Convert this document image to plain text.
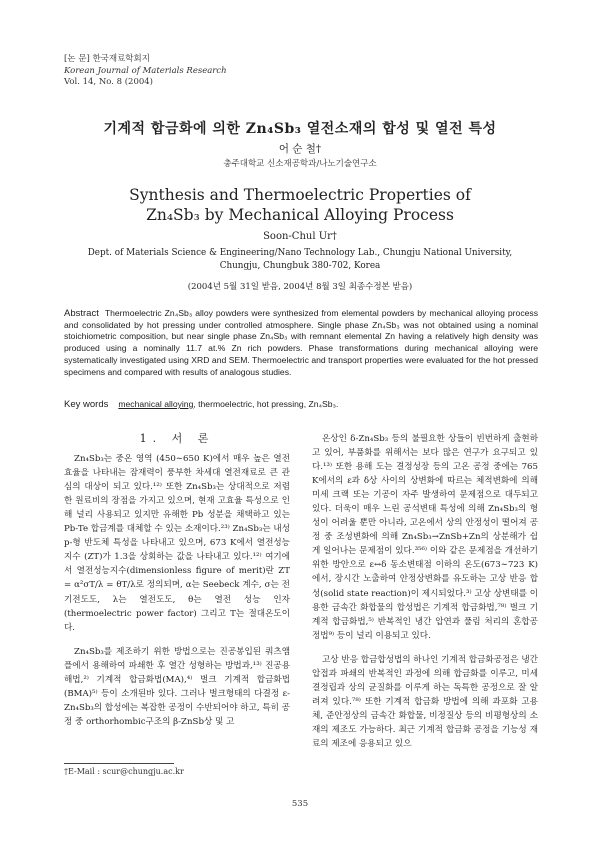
[논 문] 한국재료학회지
Korean Journal of Materials Research
Vol. 14, No. 8 (2004)
기계적 합금화에 의한 Zn₄Sb₃ 열전소재의 합성 및 열전 특성
어 순 철†
충주대학교 신소재공학과/나노기술연구소
Synthesis and Thermoelectric Properties of
Zn₄Sb₃ by Mechanical Alloying Process
Soon-Chul Ur†
Dept. of Materials Science & Engineering/Nano Technology Lab., Chungju National University,
Chungju, Chungbuk 380-702, Korea
(2004년 5월 31일 받음, 2004년 8월 3일 최종수정본 받음)
Abstract Thermoelectric Zn₄Sb₃ alloy powders were synthesized from elemental powders by mechanical alloying process and consolidated by hot pressing under controlled atmosphere. Single phase Zn₄Sb₃ was not obtained using a nominal stoichiometric composition, but near single phase Zn₄Sb₃ with remnant elemental Zn having a relatively high density was produced using a nominally 11.7 at.% Zn rich powders. Phase transformations during mechanical alloying were systematically investigated using XRD and SEM. Thermoelectric and transport properties were evaluated for the hot pressed specimens and compared with results of analogous studies.
Key words mechanical alloying, thermoelectric, hot pressing, Zn₄Sb₃.
1. 서 론

Zn₄Sb₃는 중온 영역 (450∼650 K)에서 매우 높은 열전효율을 나타내는 잠재력이 풍부한 차세대 열전재료로 큰 관심의 대상이 되고 있다.¹²⁾ 또한 Zn₄Sb₃는 상대적으로 저렴한 원료비의 장점을 가지고 있으며, 현재 고효율 특성으로 인해 널리 사용되고 있지만 유해한 Pb 성분을 채택하고 있는 Pb-Te 합금계를 대체할 수 있는 소재이다.²³⁾ Zn₄Sb₃는 내성 p-형 반도체 특성을 나타내고 있으며, 673 K에서 열전성능지수 (ZT)가 1.3을 상회하는 값을 나타내고 있다.¹²⁾ 여기에서 열전성능지수(dimensionless figure of merit)란 ZT = α²σT/λ = θT/λ로 정의되며, α는 Seebeck 계수, σ는 전기전도도, λ는 열전도도, θ는 열전 성능 인자(thermoelectric power factor) 그리고 T는 절대온도이다.

Zn₄Sb₃를 제조하기 위한 방법으로는 진공봉입된 쿼츠앰플에서 용해하여 파쇄한 후 열간 성형하는 방법과,¹³⁾ 진공용해법,²⁾ 기계적 합금화법(MA),⁴⁾ 벌크 기계적 합금화법(BMA)⁵⁾ 등이 소개된바 있다. 그러나 벌크형태의 다결정 ε-Zn₄Sb₃의 합성에는 복잡한 공정이 수반되어야 하고, 특히 공정 중 orthorhombic구조의 β-ZnSb상 및 고

온상인 δ-Zn₄Sb₃ 등의 불필요한 상들이 빈번하게 출현하고 있어, 부품화를 위해서는 보다 많은 연구가 요구되고 있다.¹³⁾ 또한 용해 도는 결정성장 등의 고온 공정 중에는 765 K에서의 ε과 δ상 사이의 상변화에 따르는 체적변화에 의해 미세 크랙 또는 기공이 자주 발생하여 문제점으로 대두되고 있다. 더욱이 매우 느린 공석변태 특성에 의해 Zn₄Sb₃의 형성이 어려울 뿐만 아니라, 고온에서 상의 안정성이 떨어져 공정 중 조성변화에 의해 Zn₄Sb₃→ZnSb+Zn의 상분해가 쉽게 일어나는 문제점이 있다.³⁵⁶⁾ 이와 같은 문제점을 개선하기 위한 방안으로 ε↔δ 동소변태점 이하의 온도(673∼723 K)에서, 장시간 노출하여 안정상변화를 유도하는 고상 반응 합성(solid state reaction)이 제시되었다.³⁾ 고상 상변태를 이용한 금속간 화합물의 합성법은 기계적 합금화법,⁷⁸⁾ 벌크 기계적 합금화법,⁵⁾ 반복적인 냉간 압연과 풀림 처리의 혼합공정법⁹⁾ 등이 널리 이용되고 있다.

고상 반응 합금합성법의 하나인 기계적 합금화공정은 냉간압접과 파쇄의 반복적인 과정에 의해 합금화를 이루고, 미세 결정립과 상의 균질화를 이루게 하는 독특한 공정으로 잘 알려져 있다.⁷⁸⁾ 또한 기계적 합금화 방법에 의해 과포화 고용체, 준안정상의 금속간 화합물, 비정질상 등의 비평형상의 소재의 제조도 가능하다. 최근 기계적 합금화 공정을 기능성 재료의 제조에 응용되고 있으

†E-Mail : scur@chungju.ac.kr
535
